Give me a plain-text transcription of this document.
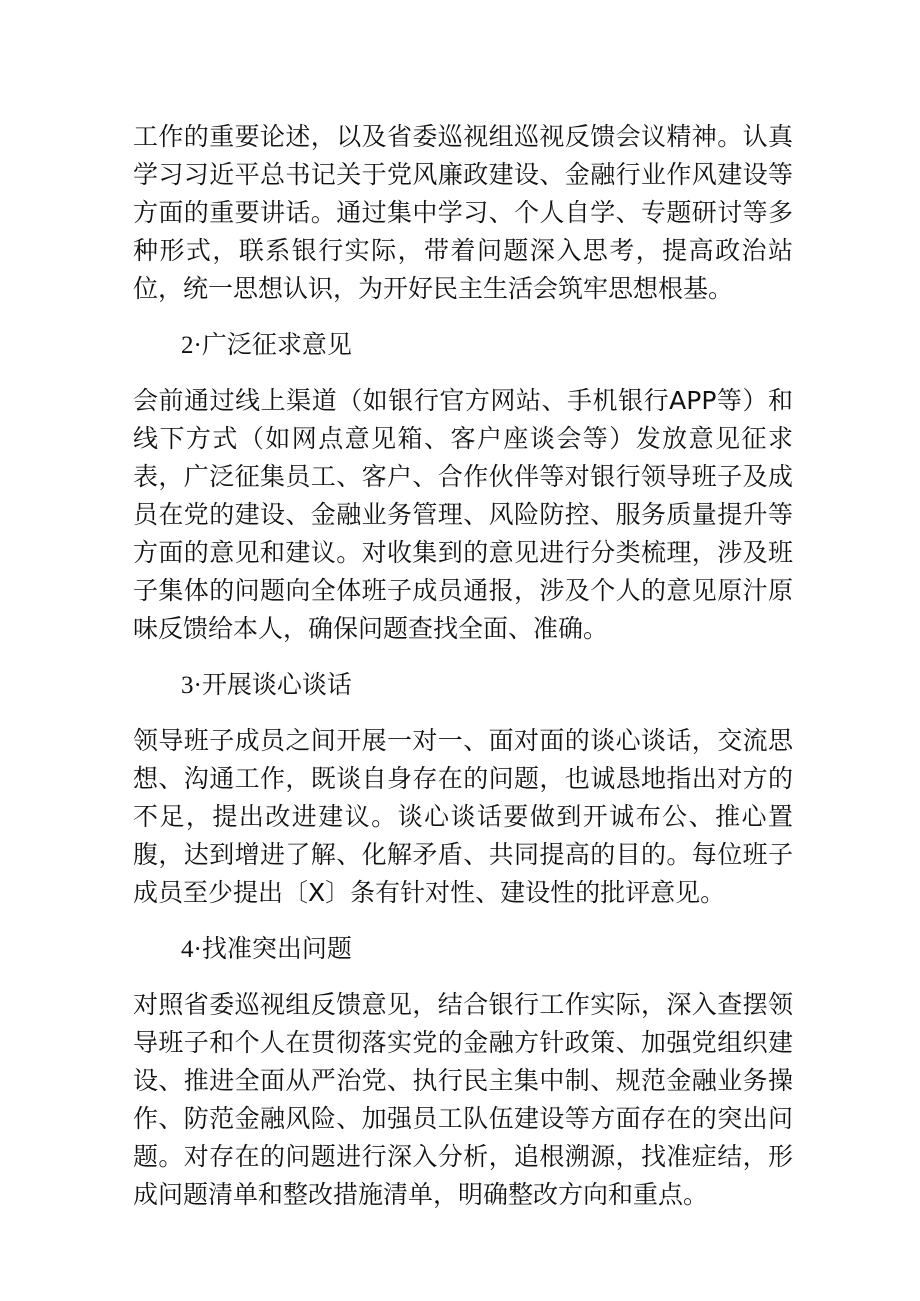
工作的重要论述，以及省委巡视组巡视反馈会议精神。认真学习习近平总书记关于党风廉政建设、金融行业作风建设等方面的重要讲话。通过集中学习、个人自学、专题研讨等多种形式，联系银行实际，带着问题深入思考，提高政治站位，统一思想认识，为开好民主生活会筑牢思想根基。

2·广泛征求意见

会前通过线上渠道（如银行官方网站、手机银行APP等）和线下方式（如网点意见箱、客户座谈会等）发放意见征求表，广泛征集员工、客户、合作伙伴等对银行领导班子及成员在党的建设、金融业务管理、风险防控、服务质量提升等方面的意见和建议。对收集到的意见进行分类梳理，涉及班子集体的问题向全体班子成员通报，涉及个人的意见原汁原味反馈给本人，确保问题查找全面、准确。

3·开展谈心谈话

领导班子成员之间开展一对一、面对面的谈心谈话，交流思想、沟通工作，既谈自身存在的问题，也诚恳地指出对方的不足，提出改进建议。谈心谈话要做到开诚布公、推心置腹，达到增进了解、化解矛盾、共同提高的目的。每位班子成员至少提出〔X〕条有针对性、建设性的批评意见。

4·找准突出问题

对照省委巡视组反馈意见，结合银行工作实际，深入查摆领导班子和个人在贯彻落实党的金融方针政策、加强党组织建设、推进全面从严治党、执行民主集中制、规范金融业务操作、防范金融风险、加强员工队伍建设等方面存在的突出问题。对存在的问题进行深入分析，追根溯源，找准症结，形成问题清单和整改措施清单，明确整改方向和重点。
